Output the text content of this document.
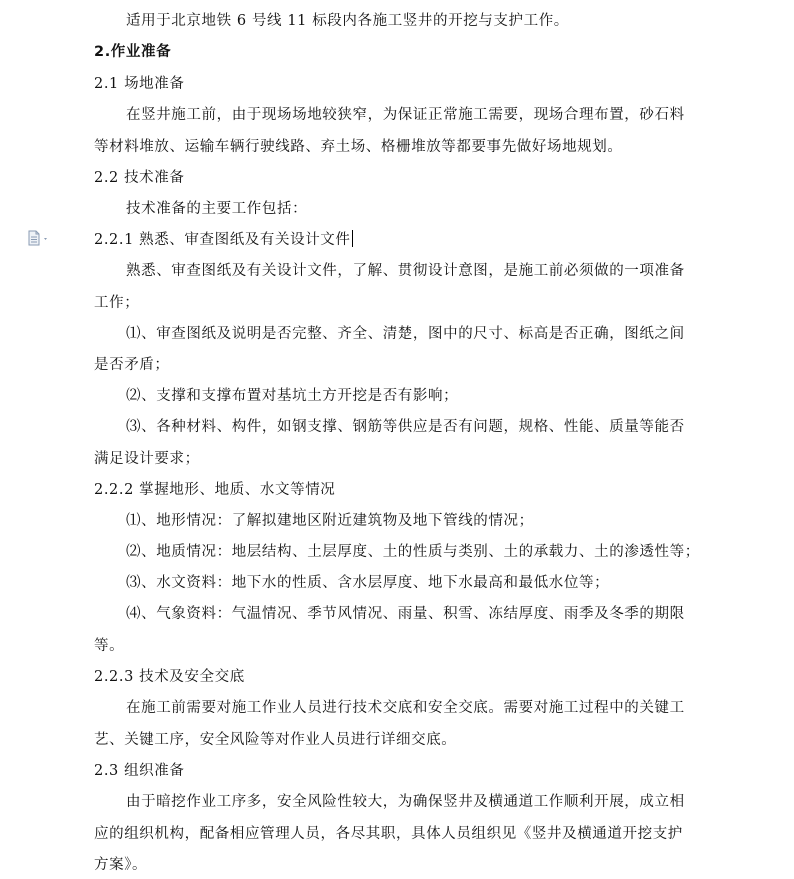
适用于北京地铁 6 号线 11 标段内各施工竖井的开挖与支护工作。
2.作业准备
2.1 场地准备
在竖井施工前，由于现场场地较狭窄，为保证正常施工需要，现场合理布置，砂石料
等材料堆放、运输车辆行驶线路、弃土场、格栅堆放等都要事先做好场地规划。
2.2 技术准备
技术准备的主要工作包括：
2.2.1 熟悉、审查图纸及有关设计文件
熟悉、审查图纸及有关设计文件，了解、贯彻设计意图，是施工前必须做的一项准备
工作；
⑴、审查图纸及说明是否完整、齐全、清楚，图中的尺寸、标高是否正确，图纸之间
是否矛盾；
⑵、支撑和支撑布置对基坑土方开挖是否有影响；
⑶、各种材料、构件，如钢支撑、钢筋等供应是否有问题，规格、性能、质量等能否
满足设计要求；
2.2.2 掌握地形、地质、水文等情况
⑴、地形情况：了解拟建地区附近建筑物及地下管线的情况；
⑵、地质情况：地层结构、土层厚度、土的性质与类别、土的承载力、土的渗透性等；
⑶、水文资料：地下水的性质、含水层厚度、地下水最高和最低水位等；
⑷、气象资料：气温情况、季节风情况、雨量、积雪、冻结厚度、雨季及冬季的期限
等。
2.2.3 技术及安全交底
在施工前需要对施工作业人员进行技术交底和安全交底。需要对施工过程中的关键工
艺、关键工序，安全风险等对作业人员进行详细交底。
2.3 组织准备
由于暗挖作业工序多，安全风险性较大，为确保竖井及横通道工作顺利开展，成立相
应的组织机构，配备相应管理人员，各尽其职，具体人员组织见《竖井及横通道开挖支护
方案》。
